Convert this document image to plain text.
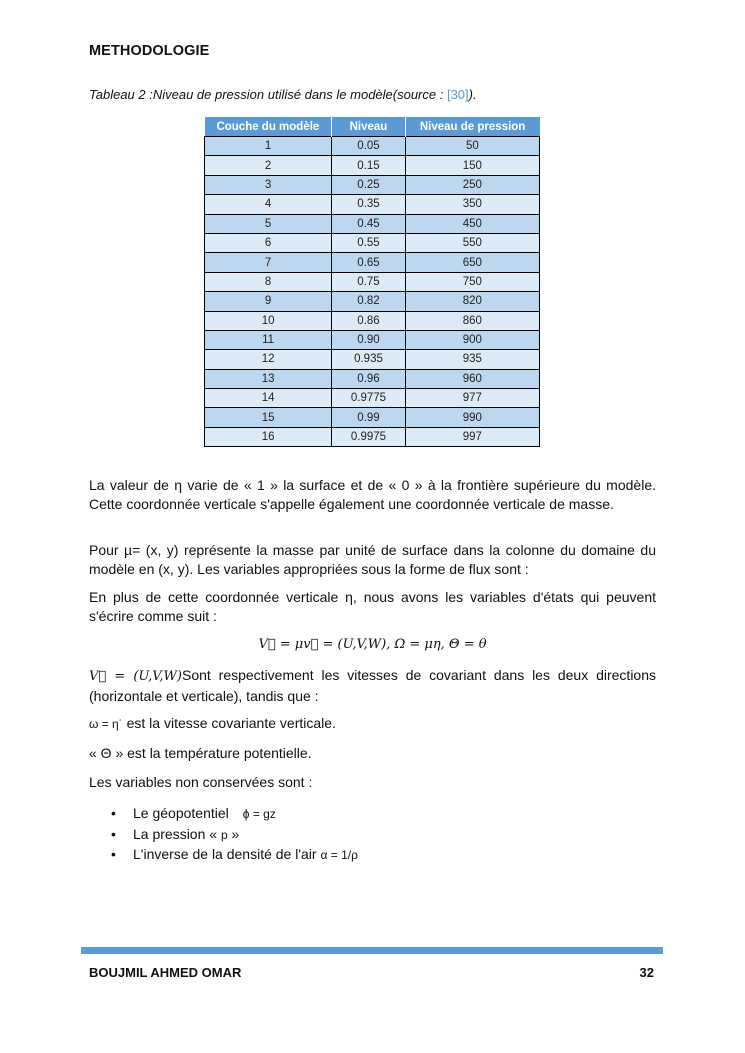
METHODOLOGIE
Tableau 2 :Niveau de pression utilisé dans le modèle(source : [30]).
Couche du modèle	Niveau	Niveau de pression
1	0.05	50
2	0.15	150
3	0.25	250
4	0.35	350
5	0.45	450
6	0.55	550
7	0.65	650
8	0.75	750
9	0.82	820
10	0.86	860
11	0.90	900
12	0.935	935
13	0.96	960
14	0.9775	977
15	0.99	990
16	0.9975	997
La valeur de η varie de « 1 » la surface et de « 0 » à la frontière supérieure du modèle. Cette coordonnée verticale s'appelle également une coordonnée verticale de masse.
Pour µ= (x, y) représente la masse par unité de surface dans la colonne du domaine du modèle en (x, y). Les variables appropriées sous la forme de flux sont :
En plus de cette coordonnée verticale η, nous avons les variables d'états qui peuvent s'écrire comme suit :
V⃗ = μv⃗ = (U,V,W), Ω = μη, Θ = θ
V⃗ = (U,V,W)Sont respectivement les vitesses de covariant dans les deux directions (horizontale et verticale), tandis que :
ω = η˙ est la vitesse covariante verticale.
« Θ » est la température potentielle.
Les variables non conservées sont :
• Le géopotentiel ϕ = gz
• La pression « p »
• L'inverse de la densité de l'air α = 1/ρ
BOUJMIL AHMED OMAR	32
